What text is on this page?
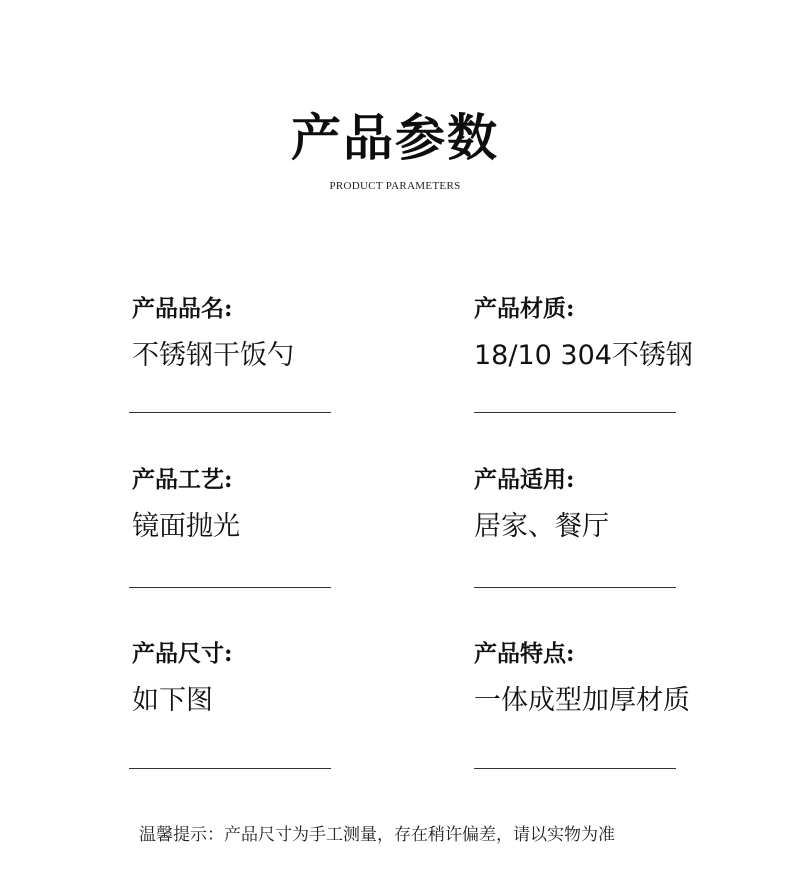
产品参数
PRODUCT PARAMETERS
产品品名:
不锈钢干饭勺
产品材质:
18/10 304不锈钢
产品工艺:
镜面抛光
产品适用:
居家、餐厅
产品尺寸:
如下图
产品特点:
一体成型加厚材质
温馨提示：产品尺寸为手工测量，存在稍许偏差，请以实物为准
